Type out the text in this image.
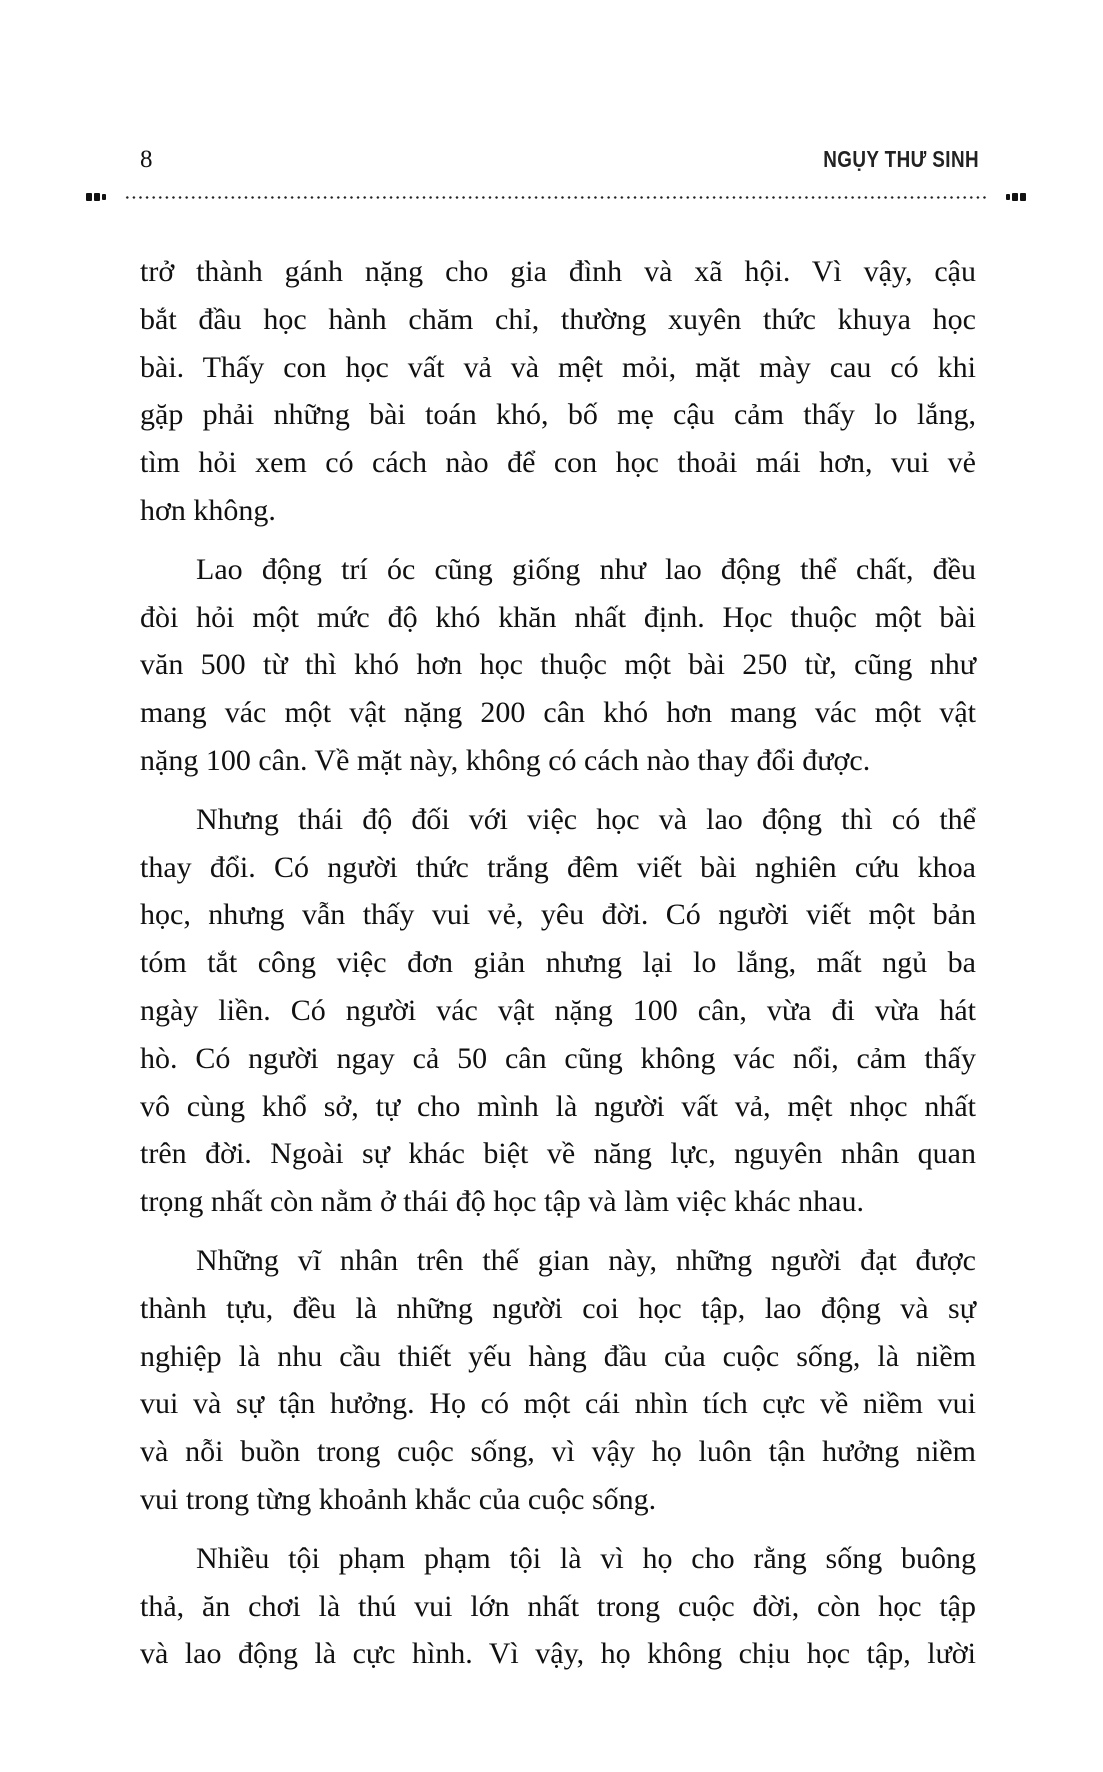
8	NGỤY THƯ SINH
trở thành gánh nặng cho gia đình và xã hội. Vì vậy, cậu
bắt đầu học hành chăm chỉ, thường xuyên thức khuya học
bài. Thấy con học vất vả và mệt mỏi, mặt mày cau có khi
gặp phải những bài toán khó, bố mẹ cậu cảm thấy lo lắng,
tìm hỏi xem có cách nào để con học thoải mái hơn, vui vẻ
hơn không.
Lao động trí óc cũng giống như lao động thể chất, đều
đòi hỏi một mức độ khó khăn nhất định. Học thuộc một bài
văn 500 từ thì khó hơn học thuộc một bài 250 từ, cũng như
mang vác một vật nặng 200 cân khó hơn mang vác một vật
nặng 100 cân. Về mặt này, không có cách nào thay đổi được.
Nhưng thái độ đối với việc học và lao động thì có thể
thay đổi. Có người thức trắng đêm viết bài nghiên cứu khoa
học, nhưng vẫn thấy vui vẻ, yêu đời. Có người viết một bản
tóm tắt công việc đơn giản nhưng lại lo lắng, mất ngủ ba
ngày liền. Có người vác vật nặng 100 cân, vừa đi vừa hát
hò. Có người ngay cả 50 cân cũng không vác nổi, cảm thấy
vô cùng khổ sở, tự cho mình là người vất vả, mệt nhọc nhất
trên đời. Ngoài sự khác biệt về năng lực, nguyên nhân quan
trọng nhất còn nằm ở thái độ học tập và làm việc khác nhau.
Những vĩ nhân trên thế gian này, những người đạt được
thành tựu, đều là những người coi học tập, lao động và sự
nghiệp là nhu cầu thiết yếu hàng đầu của cuộc sống, là niềm
vui và sự tận hưởng. Họ có một cái nhìn tích cực về niềm vui
và nỗi buồn trong cuộc sống, vì vậy họ luôn tận hưởng niềm
vui trong từng khoảnh khắc của cuộc sống.
Nhiều tội phạm phạm tội là vì họ cho rằng sống buông
thả, ăn chơi là thú vui lớn nhất trong cuộc đời, còn học tập
và lao động là cực hình. Vì vậy, họ không chịu học tập, lười
